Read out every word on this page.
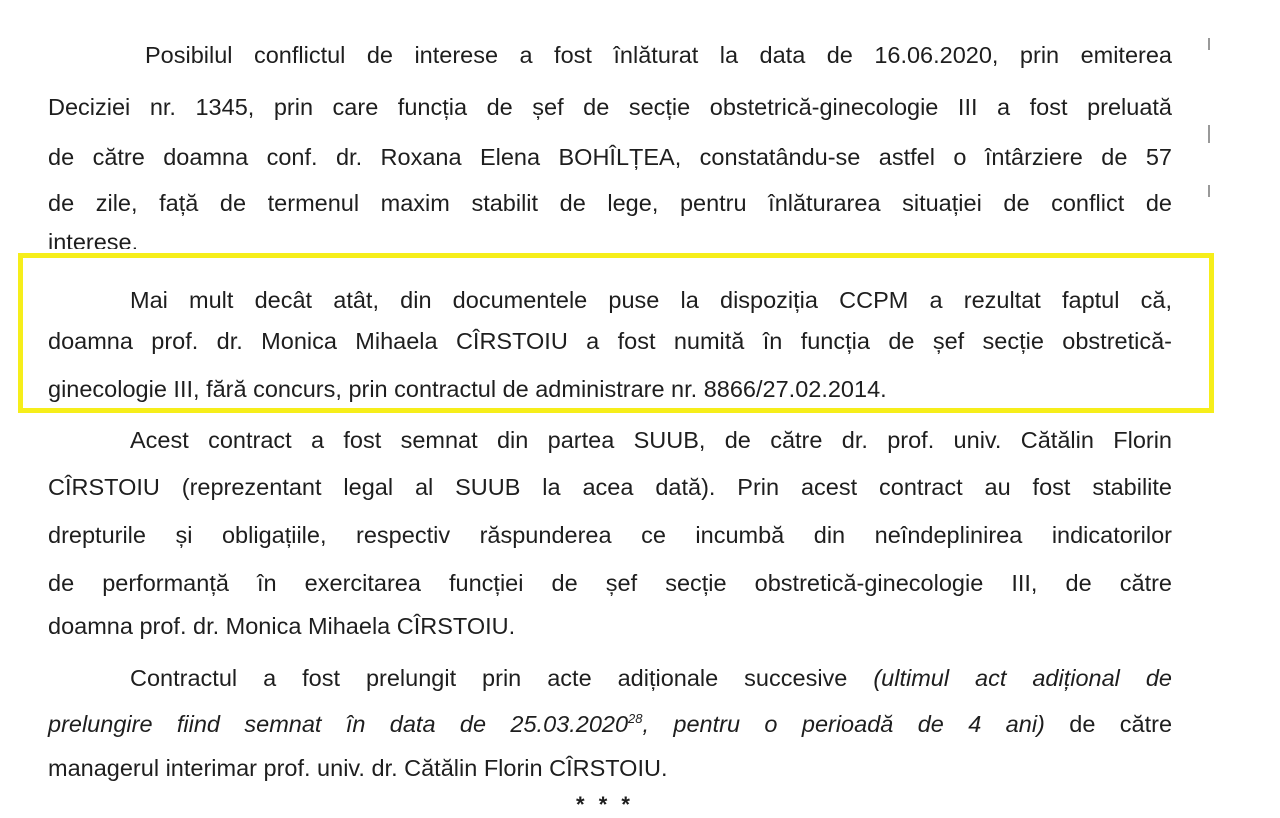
Posibilul conflictul de interese a fost înlăturat la data de 16.06.2020, prin emiterea
Deciziei nr. 1345, prin care funcția de șef de secție obstetrică-ginecologie III a fost preluată
de către doamna conf. dr. Roxana Elena BOHÎLȚEA, constatându-se astfel o întârziere de 57
de zile, față de termenul maxim stabilit de lege, pentru înlăturarea situației de conflict de
interese.
Mai mult decât atât, din documentele puse la dispoziția CCPM a rezultat faptul că,
doamna prof. dr. Monica Mihaela CÎRSTOIU a fost numită în funcția de șef secție obstretică-
ginecologie III, fără concurs, prin contractul de administrare nr. 8866/27.02.2014.
Acest contract a fost semnat din partea SUUB, de către dr. prof. univ. Cătălin Florin
CÎRSTOIU (reprezentant legal al SUUB la acea dată). Prin acest contract au fost stabilite
drepturile și obligațiile, respectiv răspunderea ce incumbă din neîndeplinirea indicatorilor
de performanță în exercitarea funcției de șef secție obstretică-ginecologie III, de către
doamna prof. dr. Monica Mihaela CÎRSTOIU.
Contractul a fost prelungit prin acte adiționale succesive (ultimul act adițional de
prelungire fiind semnat în data de 25.03.2020$^{28}$, pentru o perioadă de 4 ani) de către
managerul interimar prof. univ. dr. Cătălin Florin CÎRSTOIU.
* * *
